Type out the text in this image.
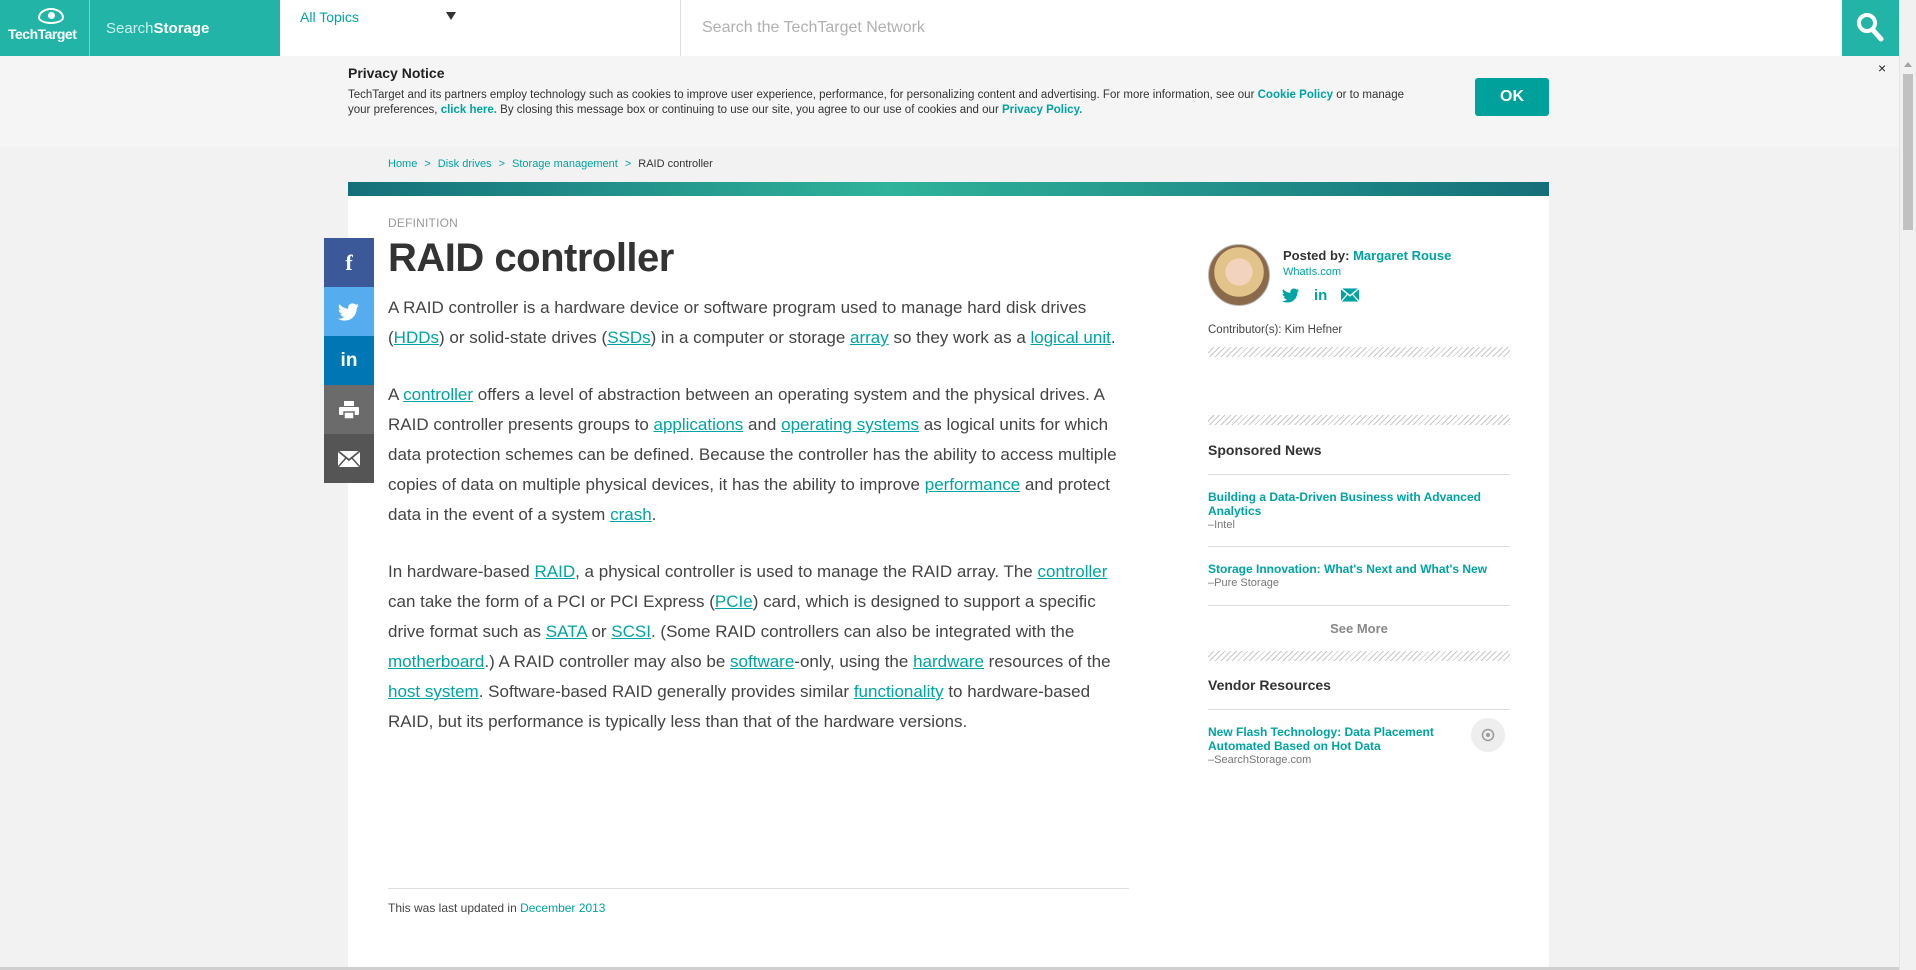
TechTarget	SearchStorage
All Topics
Search the TechTarget Network
Privacy Notice
TechTarget and its partners employ technology such as cookies to improve user experience, performance, for personalizing content and advertising. For more information, see our Cookie Policy or to manage your preferences, click here. By closing this message box or continuing to use our site, you agree to our use of cookies and our Privacy Policy.
OK
×
Home > Disk drives > Storage management > RAID controller
f
in
DEFINITION
RAID controller

A RAID controller is a hardware device or software program used to manage hard disk drives (HDDs) or solid-state drives (SSDs) in a computer or storage array so they work as a logical unit.

A controller offers a level of abstraction between an operating system and the physical drives. A RAID controller presents groups to applications and operating systems as logical units for which data protection schemes can be defined. Because the controller has the ability to access multiple copies of data on multiple physical devices, it has the ability to improve performance and protect data in the event of a system crash.

In hardware-based RAID, a physical controller is used to manage the RAID array. The controller can take the form of a PCI or PCI Express (PCIe) card, which is designed to support a specific drive format such as SATA or SCSI. (Some RAID controllers can also be integrated with the motherboard.) A RAID controller may also be software-only, using the hardware resources of the host system. Software-based RAID generally provides similar functionality to hardware-based RAID, but its performance is typically less than that of the hardware versions.

This was last updated in December 2013
Posted by: Margaret Rouse
WhatIs.com
in
Contributor(s): Kim Hefner
Sponsored News
Building a Data-Driven Business with Advanced Analytics
–Intel
Storage Innovation: What's Next and What's New
–Pure Storage
See More
Vendor Resources
New Flash Technology: Data Placement Automated Based on Hot Data
–SearchStorage.com
